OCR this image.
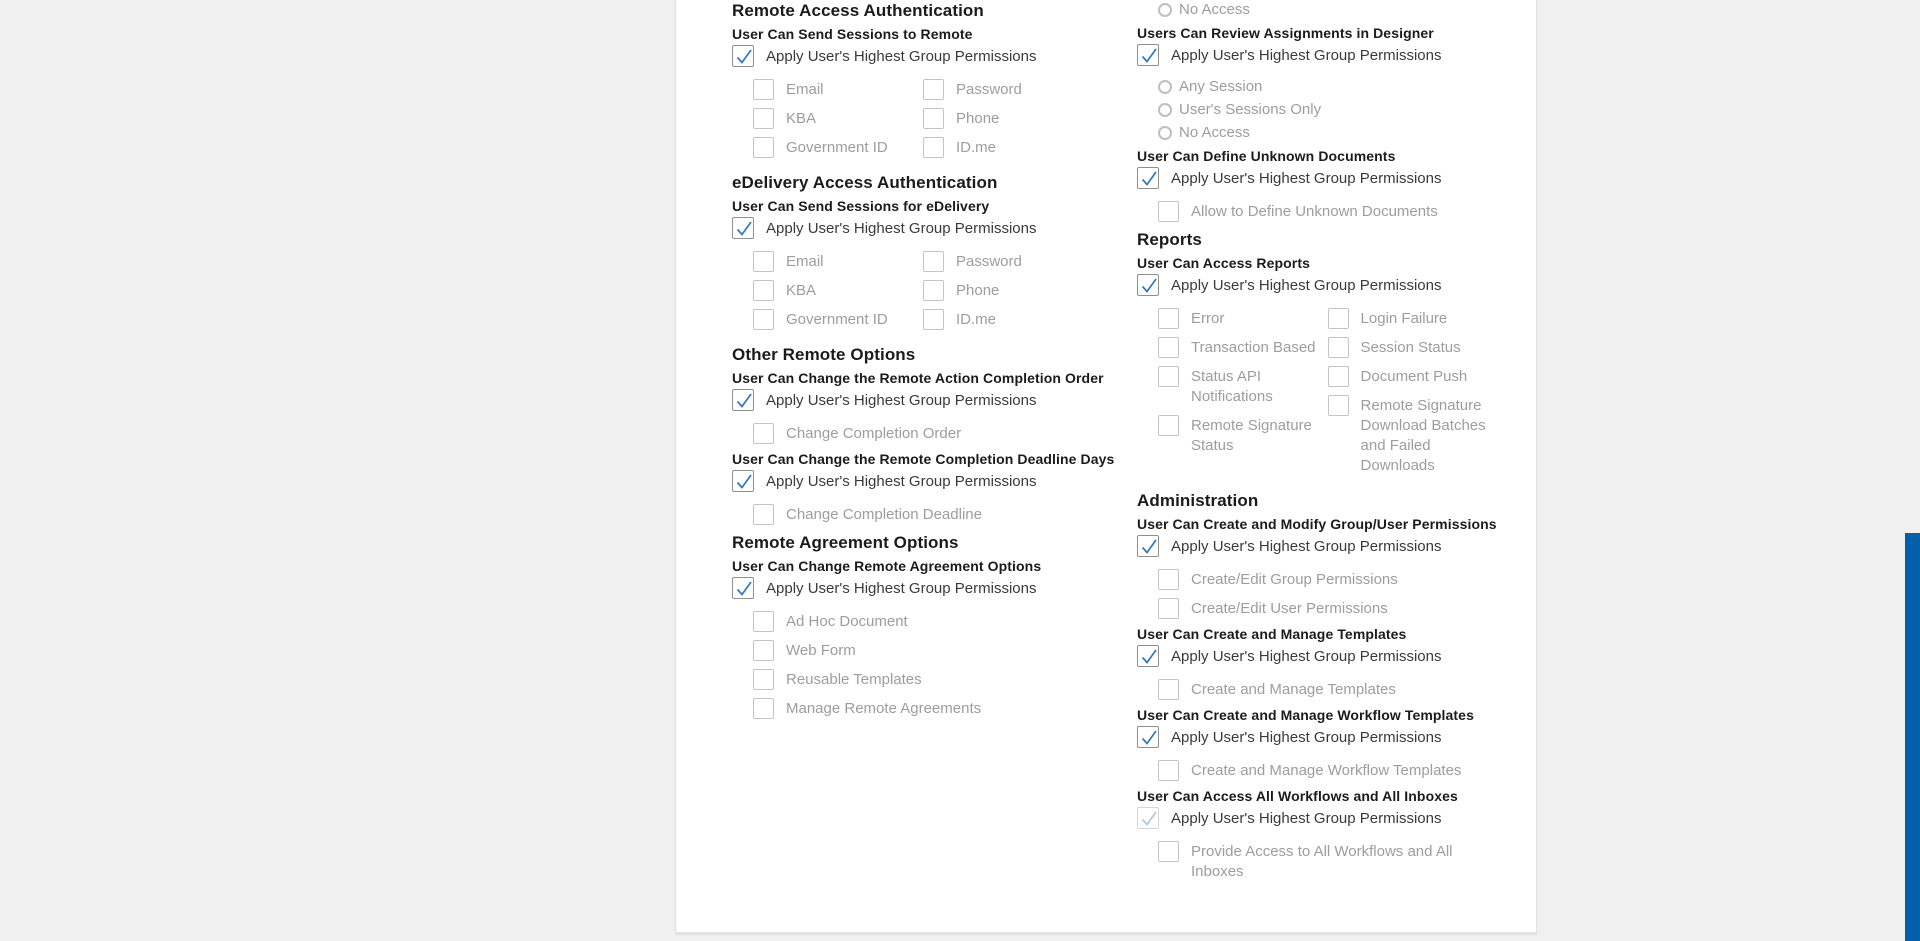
Remote Access Authentication
User Can Send Sessions to Remote
Apply User's Highest Group Permissions
Email
KBA
Government ID
Password
Phone
ID.me
eDelivery Access Authentication
User Can Send Sessions for eDelivery
Apply User's Highest Group Permissions
Email
KBA
Government ID
Password
Phone
ID.me
Other Remote Options
User Can Change the Remote Action Completion Order
Apply User's Highest Group Permissions
Change Completion Order
User Can Change the Remote Completion Deadline Days
Apply User's Highest Group Permissions
Change Completion Deadline
Remote Agreement Options
User Can Change Remote Agreement Options
Apply User's Highest Group Permissions
Ad Hoc Document
Web Form
Reusable Templates
Manage Remote Agreements
No Access
Users Can Review Assignments in Designer
Apply User's Highest Group Permissions
Any Session
User's Sessions Only
No Access
User Can Define Unknown Documents
Apply User's Highest Group Permissions
Allow to Define Unknown Documents
Reports
User Can Access Reports
Apply User's Highest Group Permissions
Error
Transaction Based
Status API Notifications
Remote Signature Status
Login Failure
Session Status
Document Push
Remote Signature Download Batches and Failed Downloads
Administration
User Can Create and Modify Group/User Permissions
Apply User's Highest Group Permissions
Create/Edit Group Permissions
Create/Edit User Permissions
User Can Create and Manage Templates
Apply User's Highest Group Permissions
Create and Manage Templates
User Can Create and Manage Workflow Templates
Apply User's Highest Group Permissions
Create and Manage Workflow Templates
User Can Access All Workflows and All Inboxes
Apply User's Highest Group Permissions
Provide Access to All Workflows and All Inboxes
